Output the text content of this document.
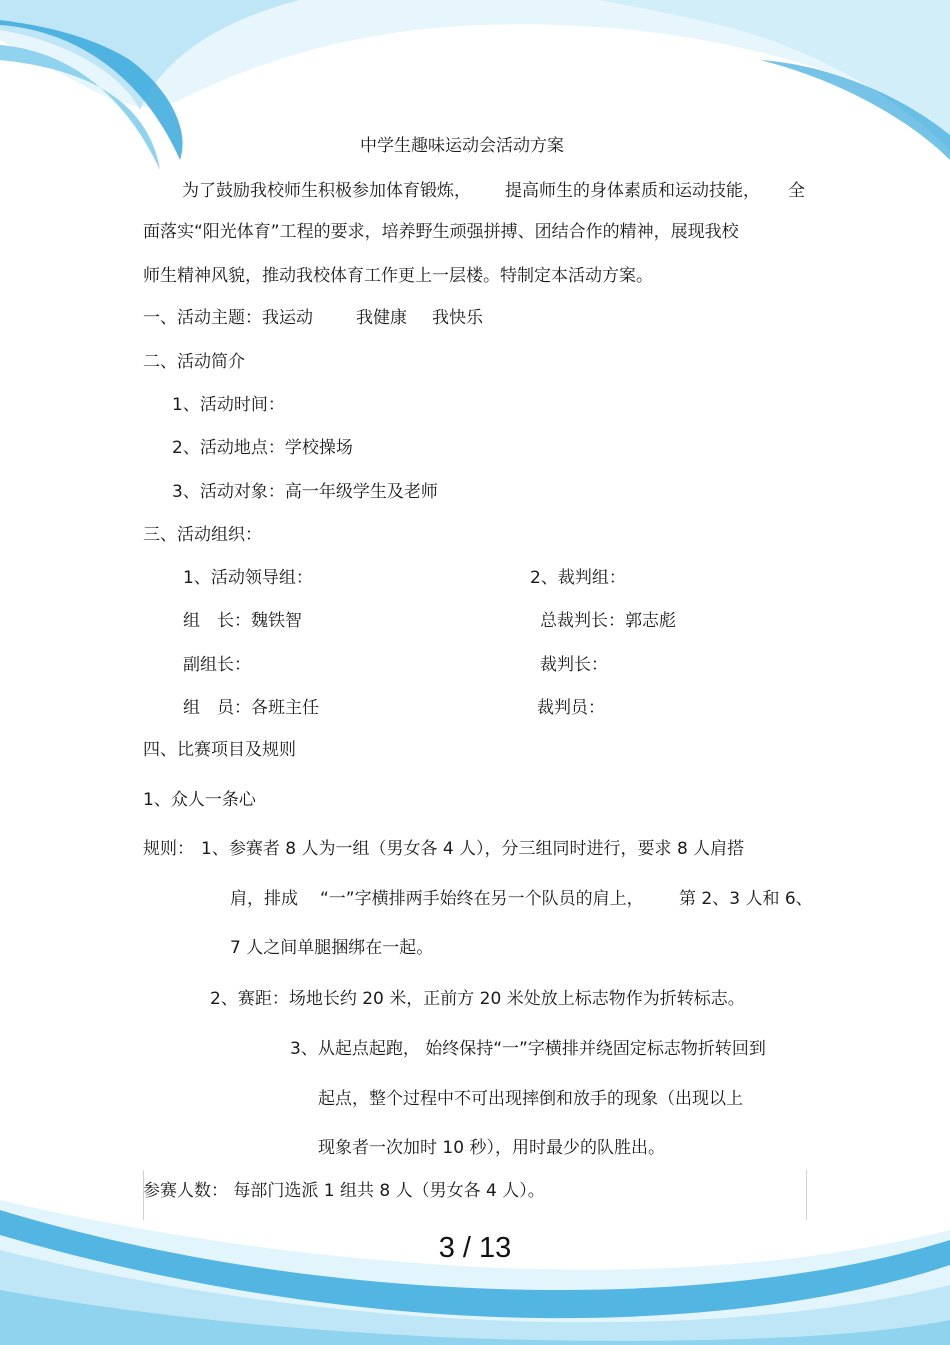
中学生趣味运动会活动方案
为了鼓励我校师生积极参加体育锻炼， 提高师生的身体素质和运动技能， 全
面落实“阳光体育”工程的要求，培养野生顽强拼搏、团结合作的精神，展现我校
师生精神风貌，推动我校体育工作更上一层楼。特制定本活动方案。
一、活动主题：我运动	我健康 我快乐
二、活动简介
1、活动时间：
2、活动地点：学校操场
3、活动对象：高一年级学生及老师
三、活动组织：
1、活动领导组：	2、裁判组：
组　长：魏铁智	总裁判长：郭志彪
副组长：	裁判长：
组　员：各班主任	裁判员：
四、比赛项目及规则
1、众人一条心
规则： 1、参赛者 8 人为一组（男女各 4 人），分三组同时进行，要求 8 人肩搭
肩，排成 “一”字横排两手始终在另一个队员的肩上， 第 2、3 人和 6、
7 人之间单腿捆绑在一起。
2、赛距：场地长约 20 米，正前方 20 米处放上标志物作为折转标志。
3、从起点起跑， 始终保持“一”字横排并绕固定标志物折转回到
起点，整个过程中不可出现摔倒和放手的现象（出现以上
现象者一次加时 10 秒），用时最少的队胜出。
参赛人数： 每部门选派 1 组共 8 人（男女各 4 人）。
3 / 13
